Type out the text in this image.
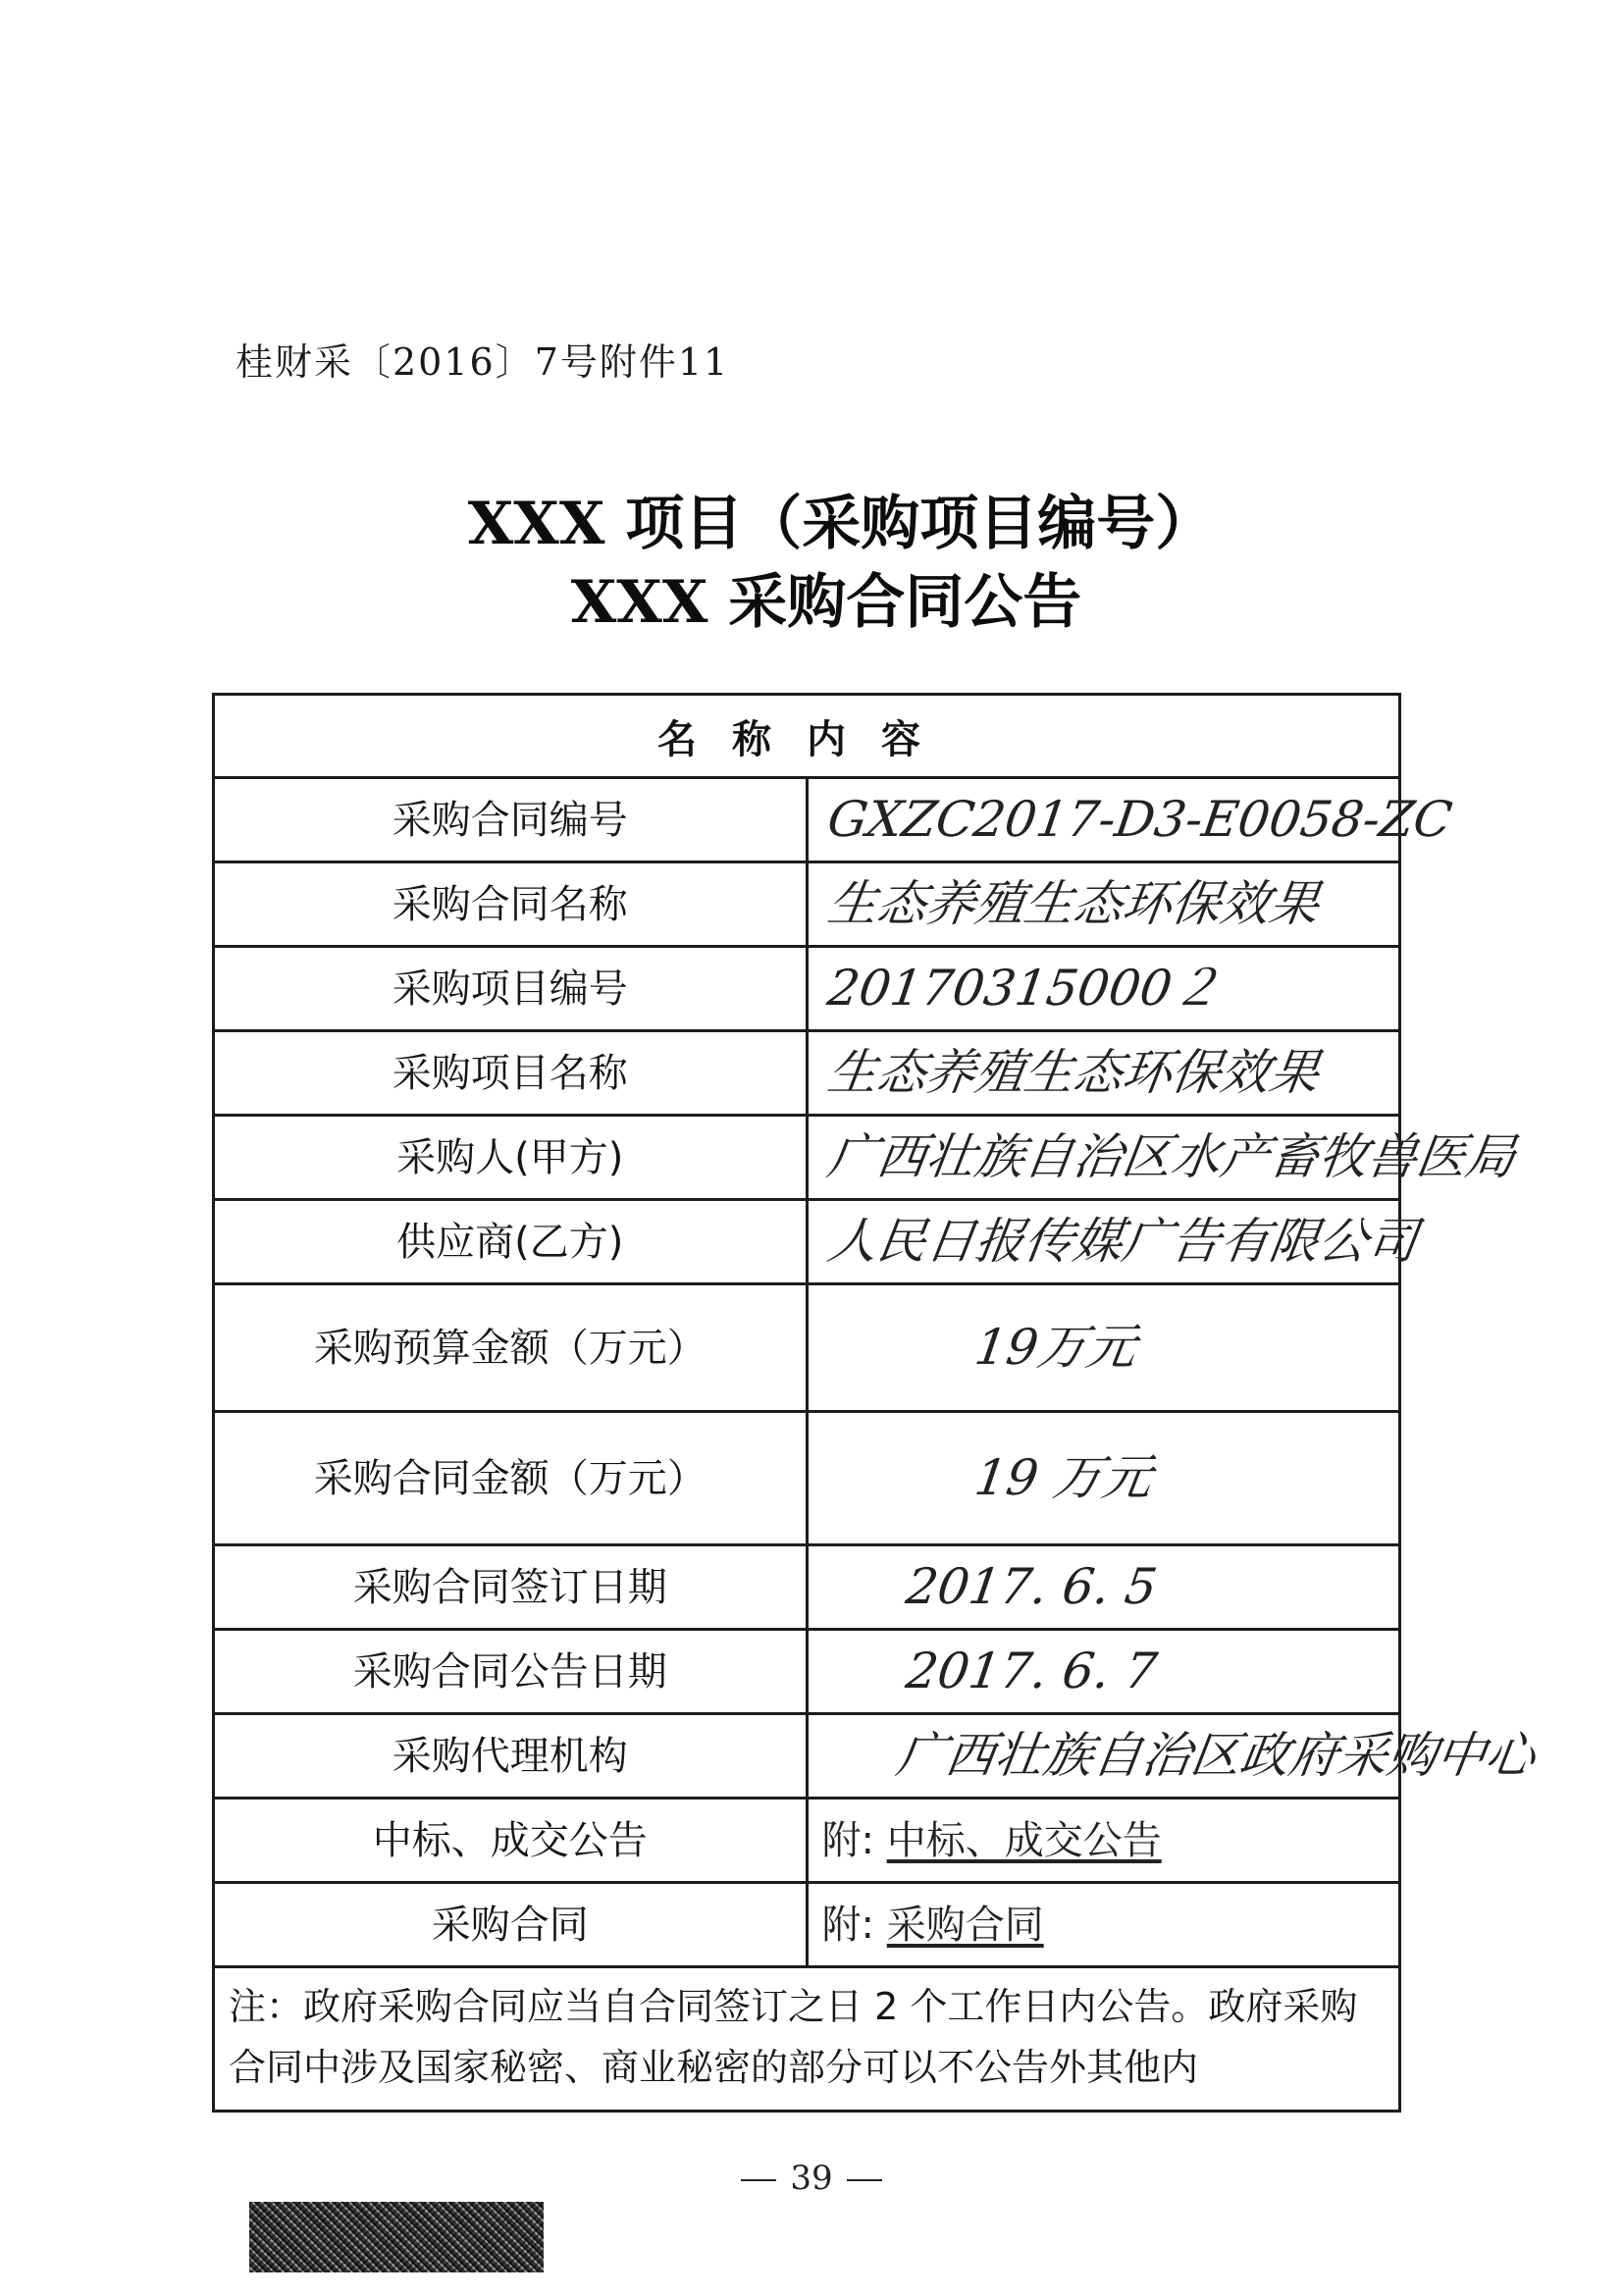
桂财采〔2016〕7号附件11
XXX 项目（采购项目编号）
XXX 采购合同公告
名称内容	
采购合同编号	GXZC2017-D3-E0058-ZC
采购合同名称	生态养殖生态环保效果
采购项目编号	20170315000２
采购项目名称	生态养殖生态环保效果
采购人(甲方)	广西壮族自治区水产畜牧兽医局
供应商(乙方)	人民日报传媒广告有限公司
采购预算金额（万元）	19万元
采购合同金额（万元）	19 万元
采购合同签订日期	2017. 6. 5
采购合同公告日期	2017. 6. 7
采购代理机构	广西壮族自治区政府采购中心
中标、成交公告	附: 中标、成交公告
采购合同	附: 采购合同
注：政府采购合同应当自合同签订之日 2 个工作日内公告。政府采购合同中涉及国家秘密、商业秘密的部分可以不公告外其他内	
39
